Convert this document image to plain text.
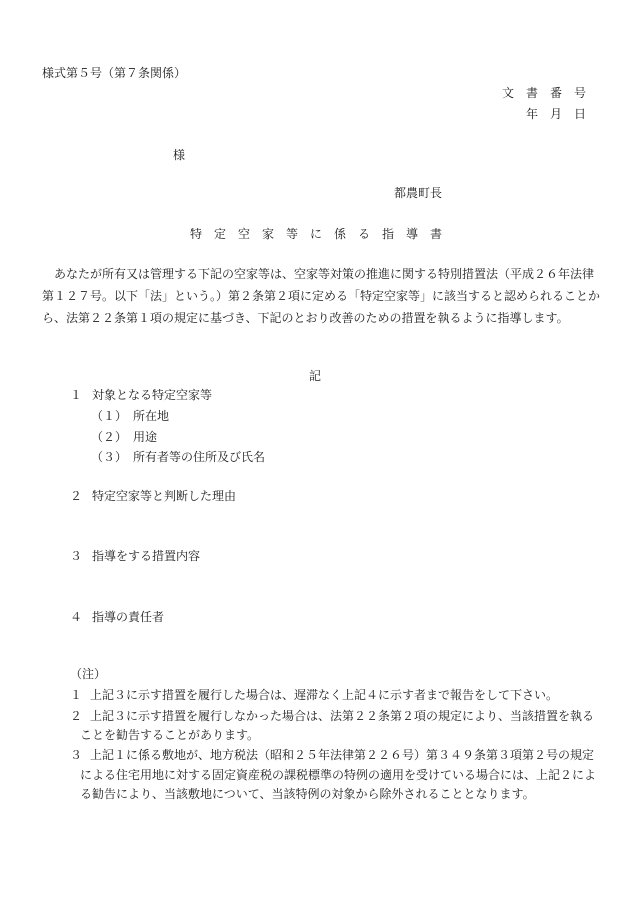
様式第５号（第７条関係）
文　書　番　号
年　月　日
様
都農町長
特　定　空　家　等　に　係　る　指　導　書
　あなたが所有又は管理する下記の空家等は、空家等対策の推進に関する特別措置法（平成２６年法律
第１２７号。以下「法」という。）第２条第２項に定める「特定空家等」に該当すると認められることか
ら、法第２２条第１項の規定に基づき、下記のとおり改善のための措置を執るように指導します。
記
１ 対象となる特定空家等
（１） 所在地
（２） 用途
（３） 所有者等の住所及び氏名
２ 特定空家等と判断した理由
３ 指導をする措置内容
４ 指導の責任者
（注）
１ 上記３に示す措置を履行した場合は、遅滞なく上記４に示す者まで報告をして下さい。
２ 上記３に示す措置を履行しなかった場合は、法第２２条第２項の規定により、当該措置を執る
ことを勧告することがあります。
３ 上記１に係る敷地が、地方税法（昭和２５年法律第２２６号）第３４９条第３項第２号の規定
による住宅用地に対する固定資産税の課税標準の特例の適用を受けている場合には、上記２によ
る勧告により、当該敷地について、当該特例の対象から除外されることとなります。
